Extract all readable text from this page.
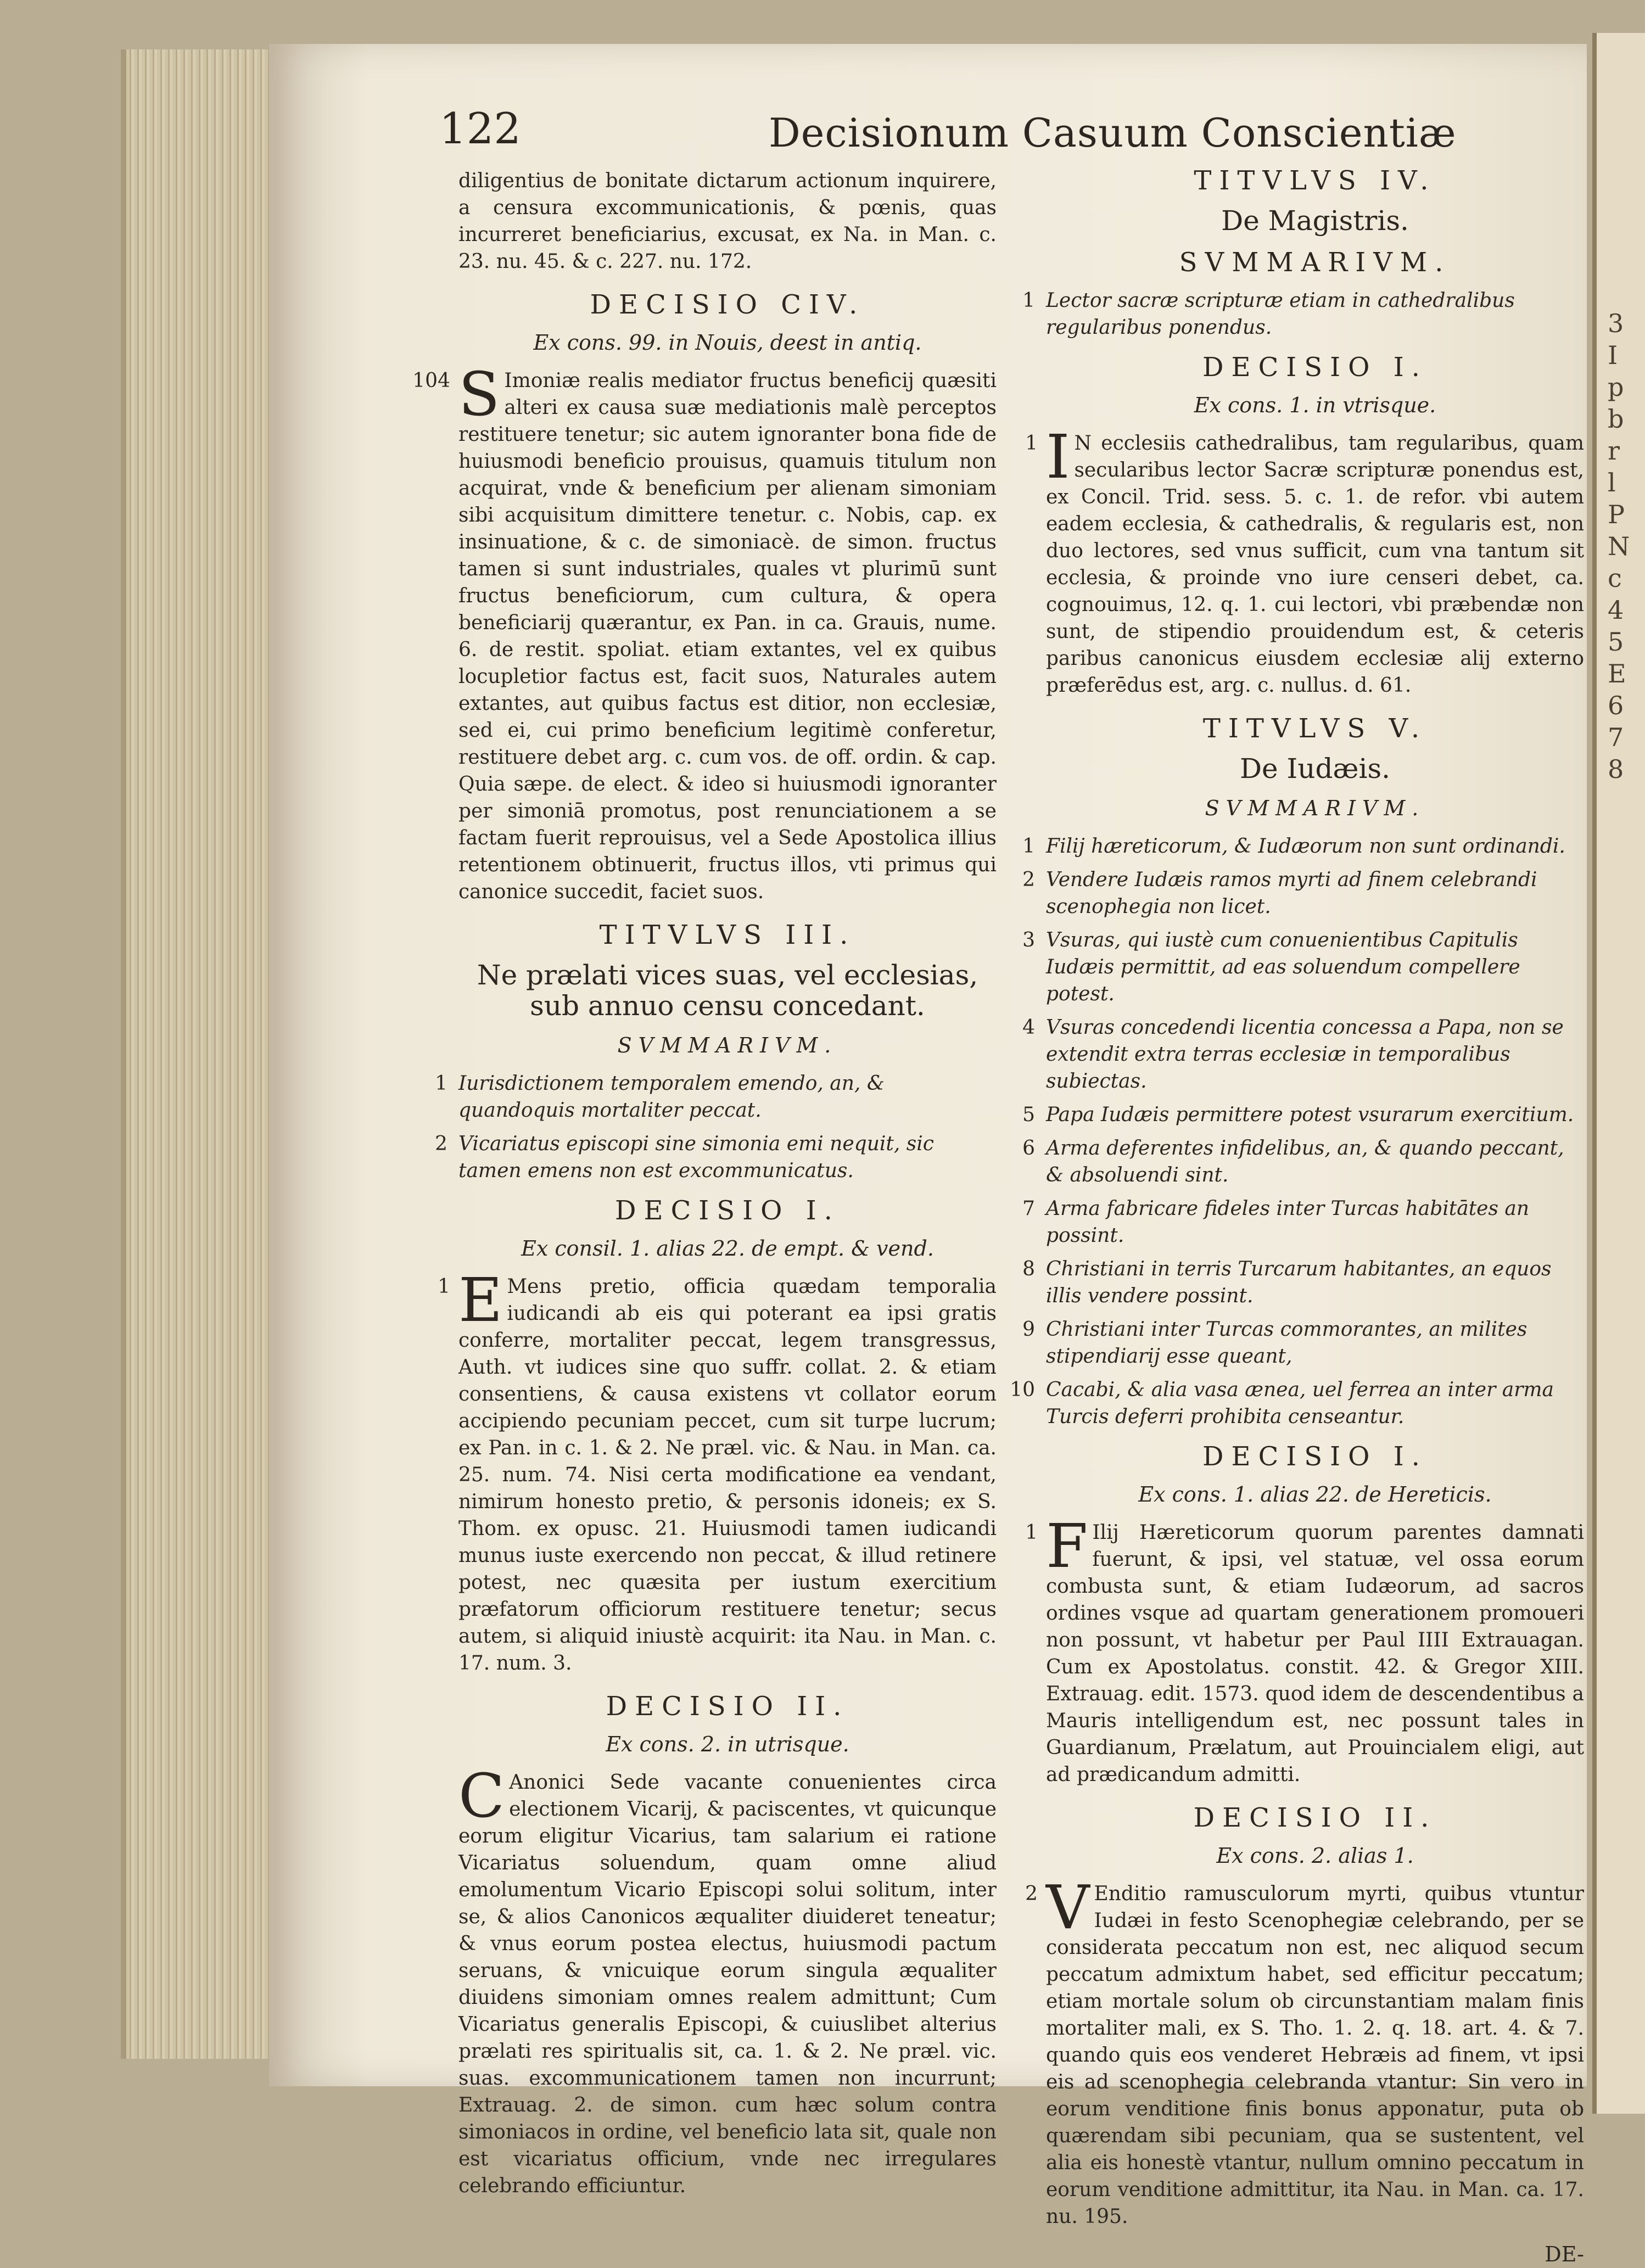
3
I
p
b
r
l
P
N
c
4
5
E
6
7
8
122	Decisionum Casuum Conscientiæ
diligentius de bonitate dictarum actionum inquirere, a censura excommunicationis, & pœnis, quas incurreret beneficiarius, excusat, ex Na. in Man. c. 23. nu. 45. & c. 227. nu. 172.
DECISIO CIV.
Ex cons. 99. in Nouis, deest in antiq.
104 S Imoniæ realis mediator fructus beneficij quæsiti alteri ex causa suæ mediationis malè perceptos restituere tenetur; sic autem ignoranter bona fide de huiusmodi beneficio prouisus, quamuis titulum non acquirat, vnde & beneficium per alienam simoniam sibi acquisitum dimittere tenetur. c. Nobis, cap. ex insinuatione, & c. de simoniacè. de simon. fructus tamen si sunt industriales, quales vt plurimū sunt fructus beneficiorum, cum cultura, & opera beneficiarij quærantur, ex Pan. in ca. Grauis, nume. 6. de restit. spoliat. etiam extantes, vel ex quibus locupletior factus est, facit suos, Naturales autem extantes, aut quibus factus est ditior, non ecclesiæ, sed ei, cui primo beneficium legitimè conferetur, restituere debet arg. c. cum vos. de off. ordin. & cap. Quia sæpe. de elect. & ideo si huiusmodi ignoranter per simoniā promotus, post renunciationem a se factam fuerit reprouisus, vel a Sede Apostolica illius retentionem obtinuerit, fructus illos, vti primus qui canonice succedit, faciet suos.
TITVLVS III.
Ne prælati vices suas, vel ecclesias, sub annuo censu concedant.
SVMMARIVM.
1 Iurisdictionem temporalem emendo, an, & quandoquis mortaliter peccat.
2 Vicariatus episcopi sine simonia emi nequit, sic tamen emens non est excommunicatus.
DECISIO I.
Ex consil. 1. alias 22. de empt. & vend.
1 E Mens pretio, officia quædam temporalia iudicandi ab eis qui poterant ea ipsi gratis conferre, mortaliter peccat, legem transgressus, Auth. vt iudices sine quo suffr. collat. 2. & etiam consentiens, & causa existens vt collator eorum accipiendo pecuniam peccet, cum sit turpe lucrum; ex Pan. in c. 1. & 2. Ne præl. vic. & Nau. in Man. ca. 25. num. 74. Nisi certa modificatione ea vendant, nimirum honesto pretio, & personis idoneis; ex S. Thom. ex opusc. 21. Huiusmodi tamen iudicandi munus iuste exercendo non peccat, & illud retinere potest, nec quæsita per iustum exercitium præfatorum officiorum restituere tenetur; secus autem, si aliquid iniustè acquirit: ita Nau. in Man. c. 17. num. 3.
DECISIO II.
Ex cons. 2. in utrisque.
C Anonici Sede vacante conuenientes circa electionem Vicarij, & paciscentes, vt quicunque eorum eligitur Vicarius, tam salarium ei ratione Vicariatus soluendum, quam omne aliud emolumentum Vicario Episcopi solui solitum, inter se, & alios Canonicos æqualiter diuideret teneatur; & vnus eorum postea electus, huiusmodi pactum seruans, & vnicuique eorum singula æqualiter diuidens simoniam omnes realem admittunt; Cum Vicariatus generalis Episcopi, & cuiuslibet alterius prælati res spiritualis sit, ca. 1. & 2. Ne præl. vic. suas. excommunicationem tamen non incurrunt; Extrauag. 2. de simon. cum hæc solum contra simoniacos in ordine, vel beneficio lata sit, quale non est vicariatus officium, vnde nec irregulares celebrando efficiuntur.
TITVLVS IV.
De Magistris.
SVMMARIVM.
1 Lector sacræ scripturæ etiam in cathedralibus regularibus ponendus.
DECISIO I.
Ex cons. 1. in vtrisque.
1 I N ecclesiis cathedralibus, tam regularibus, quam secularibus lector Sacræ scripturæ ponendus est, ex Concil. Trid. sess. 5. c. 1. de refor. vbi autem eadem ecclesia, & cathedralis, & regularis est, non duo lectores, sed vnus sufficit, cum vna tantum sit ecclesia, & proinde vno iure censeri debet, ca. cognouimus, 12. q. 1. cui lectori, vbi præbendæ non sunt, de stipendio prouidendum est, & ceteris paribus canonicus eiusdem ecclesiæ alij externo præferēdus est, arg. c. nullus. d. 61.
TITVLVS V.
De Iudæis.
SVMMARIVM.
1 Filij hæreticorum, & Iudæorum non sunt ordinandi.
2 Vendere Iudæis ramos myrti ad finem celebrandi scenophegia non licet.
3 Vsuras, qui iustè cum conuenientibus Capitulis Iudæis permittit, ad eas soluendum compellere potest.
4 Vsuras concedendi licentia concessa a Papa, non se extendit extra terras ecclesiæ in temporalibus subiectas.
5 Papa Iudæis permittere potest vsurarum exercitium.
6 Arma deferentes infidelibus, an, & quando peccant, & absoluendi sint.
7 Arma fabricare fideles inter Turcas habitātes an possint.
8 Christiani in terris Turcarum habitantes, an equos illis vendere possint.
9 Christiani inter Turcas commorantes, an milites stipendiarij esse queant,
10 Cacabi, & alia vasa ænea, uel ferrea an inter arma Turcis deferri prohibita censeantur.
DECISIO I.
Ex cons. 1. alias 22. de Hereticis.
1 F Ilij Hæreticorum quorum parentes damnati fuerunt, & ipsi, vel statuæ, vel ossa eorum combusta sunt, & etiam Iudæorum, ad sacros ordines vsque ad quartam generationem promoueri non possunt, vt habetur per Paul IIII Extrauagan. Cum ex Apostolatus. constit. 42. & Gregor XIII. Extrauag. edit. 1573. quod idem de descendentibus a Mauris intelligendum est, nec possunt tales in Guardianum, Prælatum, aut Prouincialem eligi, aut ad prædicandum admitti.
DECISIO II.
Ex cons. 2. alias 1.
2 V Enditio ramusculorum myrti, quibus vtuntur Iudæi in festo Scenophegiæ celebrando, per se considerata peccatum non est, nec aliquod secum peccatum admixtum habet, sed efficitur peccatum; etiam mortale solum ob circunstantiam malam finis mortaliter mali, ex S. Tho. 1. 2. q. 18. art. 4. & 7. quando quis eos venderet Hebræis ad finem, vt ipsi eis ad scenophegia celebranda vtantur: Sin vero in eorum venditione finis bonus apponatur, puta ob quærendam sibi pecuniam, qua se sustentent, vel alia eis honestè vtantur, nullum omnino peccatum in eorum venditione admittitur, ita Nau. in Man. ca. 17. nu. 195.
DE-
